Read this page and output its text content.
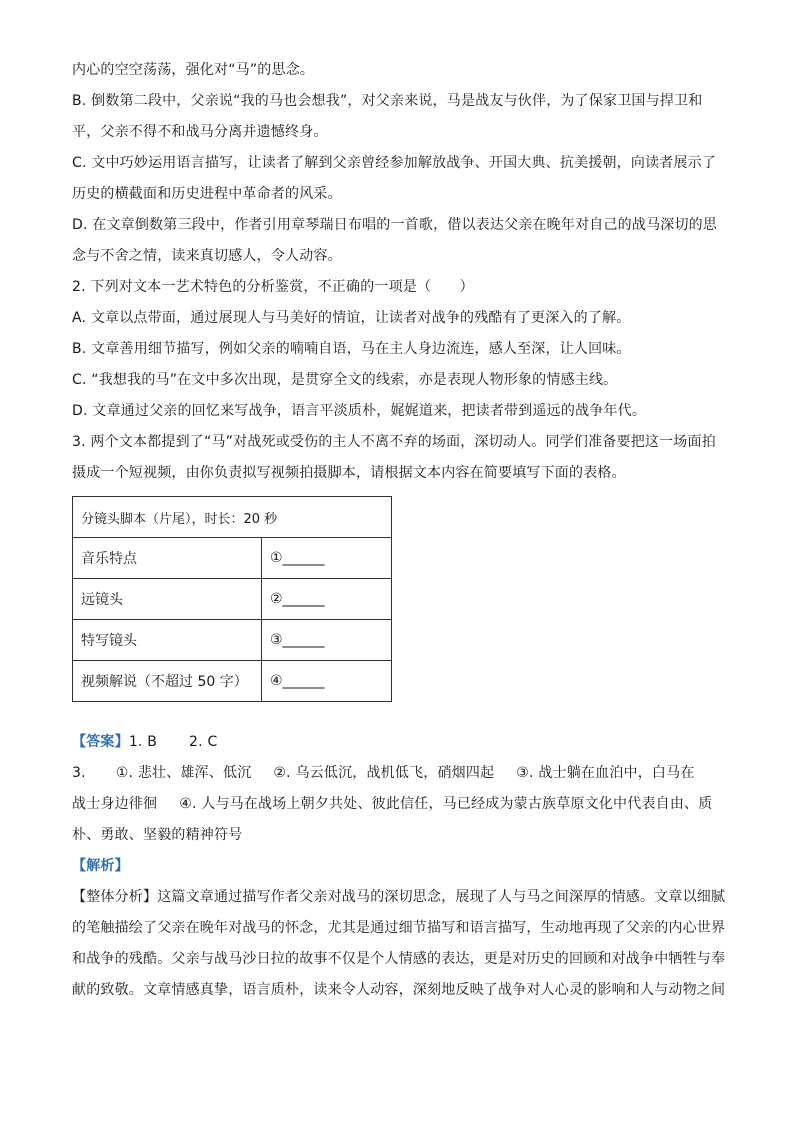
内心的空空荡荡，强化对“马”的思念。
B. 倒数第二段中，父亲说“我的马也会想我”，对父亲来说，马是战友与伙伴，为了保家卫国与捍卫和
平，父亲不得不和战马分离并遗憾终身。
C. 文中巧妙运用语言描写，让读者了解到父亲曾经参加解放战争、开国大典、抗美援朝，向读者展示了
历史的横截面和历史进程中革命者的风采。
D. 在文章倒数第三段中，作者引用章琴瑞日布唱的一首歌，借以表达父亲在晚年对自己的战马深切的思
念与不舍之情，读来真切感人，令人动容。
2. 下列对文本一艺术特色的分析鉴赏，不正确的一项是（　　）
A. 文章以点带面，通过展现人与马美好的情谊，让读者对战争的残酷有了更深入的了解。
B. 文章善用细节描写，例如父亲的喃喃自语，马在主人身边流连，感人至深，让人回味。
C. “我想我的马”在文中多次出现，是贯穿全文的线索，亦是表现人物形象的情感主线。
D. 文章通过父亲的回忆来写战争，语言平淡质朴，娓娓道来，把读者带到遥远的战争年代。
3. 两个文本都提到了“马”对战死或受伤的主人不离不弃的场面，深切动人。同学们准备要把这一场面拍
摄成一个短视频，由你负责拟写视频拍摄脚本，请根据文本内容在简要填写下面的表格。
分镜头脚本（片尾），时长：20 秒	
音乐特点	①______
远镜头	②______
特写镜头	③______
视频解说（不超过 50 字）	④______
【答案】1. B 2. C
3. ①. 悲壮、雄浑、低沉 ②. 乌云低沉，战机低飞，硝烟四起 ③. 战士躺在血泊中，白马在
战士身边徘徊 ④. 人与马在战场上朝夕共处、彼此信任，马已经成为蒙古族草原文化中代表自由、质
朴、勇敢、坚毅的精神符号
【解析】
【整体分析】这篇文章通过描写作者父亲对战马的深切思念，展现了人与马之间深厚的情感。文章以细腻
的笔触描绘了父亲在晚年对战马的怀念，尤其是通过细节描写和语言描写，生动地再现了父亲的内心世界
和战争的残酷。父亲与战马沙日拉的故事不仅是个人情感的表达，更是对历史的回顾和对战争中牺牲与奉
献的致敬。文章情感真挚，语言质朴，读来令人动容，深刻地反映了战争对人心灵的影响和人与动物之间
